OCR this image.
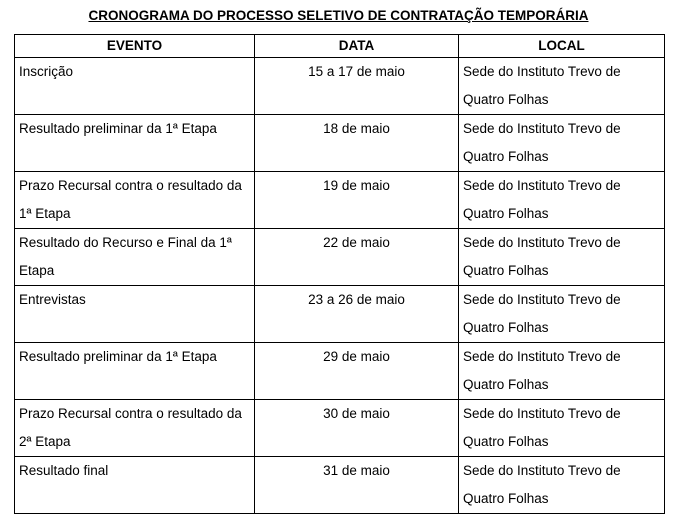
CRONOGRAMA DO PROCESSO SELETIVO DE CONTRATAÇÃO TEMPORÁRIA
EVENTO	DATA	LOCAL
Inscrição	15 a 17 de maio	Sede do Instituto Trevo de Quatro Folhas
Resultado preliminar da 1ª Etapa	18 de maio	Sede do Instituto Trevo de Quatro Folhas
Prazo Recursal contra o resultado da 1ª Etapa	19 de maio	Sede do Instituto Trevo de Quatro Folhas
Resultado do Recurso e Final da 1ª Etapa	22 de maio	Sede do Instituto Trevo de Quatro Folhas
Entrevistas	23 a 26 de maio	Sede do Instituto Trevo de Quatro Folhas
Resultado preliminar da 1ª Etapa	29 de maio	Sede do Instituto Trevo de Quatro Folhas
Prazo Recursal contra o resultado da 2ª Etapa	30 de maio	Sede do Instituto Trevo de Quatro Folhas
Resultado final	31 de maio	Sede do Instituto Trevo de Quatro Folhas
